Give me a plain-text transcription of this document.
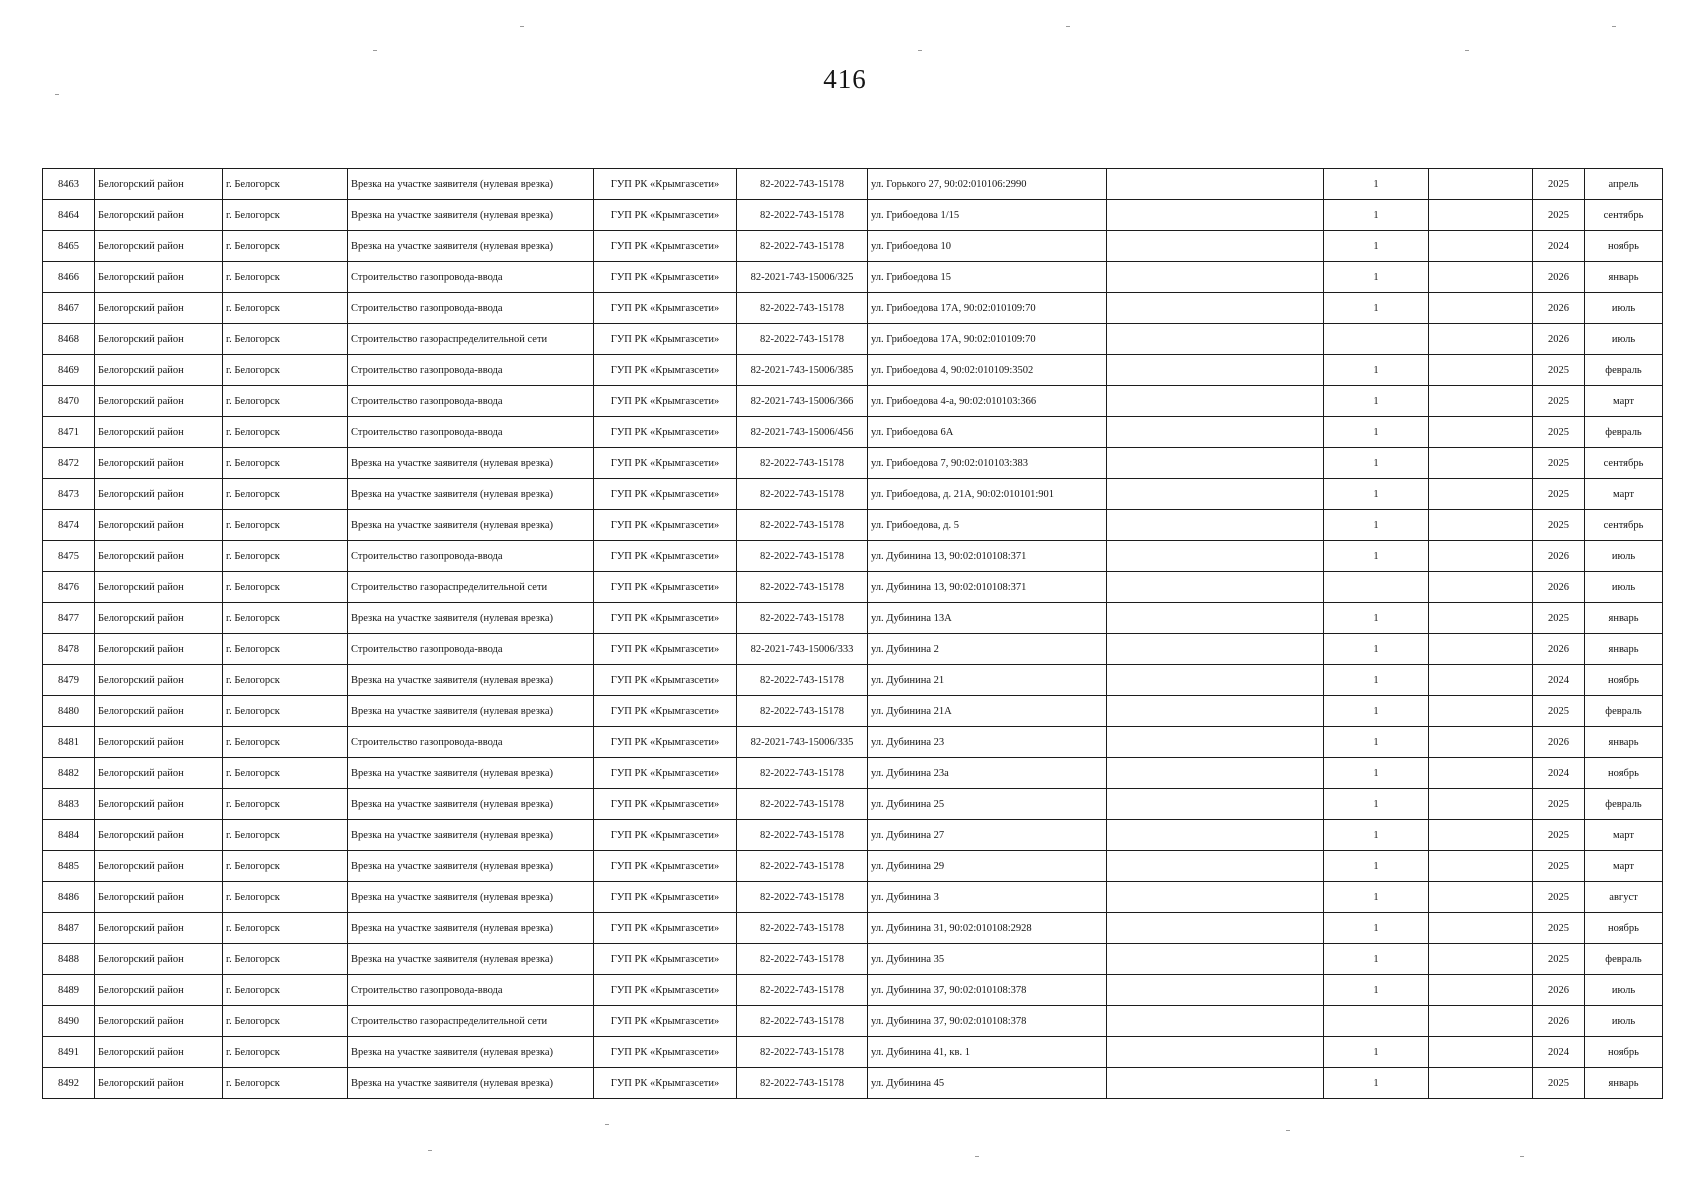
416
8463	Белогорский район	г. Белогорск	Врезка на участке заявителя (нулевая врезка)	ГУП РК «Крымгазсети»	82-2022-743-15178	ул. Горького 27, 90:02:010106:2990		1		2025	апрель
8464	Белогорский район	г. Белогорск	Врезка на участке заявителя (нулевая врезка)	ГУП РК «Крымгазсети»	82-2022-743-15178	ул. Грибоедова 1/15		1		2025	сентябрь
8465	Белогорский район	г. Белогорск	Врезка на участке заявителя (нулевая врезка)	ГУП РК «Крымгазсети»	82-2022-743-15178	ул. Грибоедова 10		1		2024	ноябрь
8466	Белогорский район	г. Белогорск	Строительство газопровода-ввода	ГУП РК «Крымгазсети»	82-2021-743-15006/325	ул. Грибоедова 15		1		2026	январь
8467	Белогорский район	г. Белогорск	Строительство газопровода-ввода	ГУП РК «Крымгазсети»	82-2022-743-15178	ул. Грибоедова 17А, 90:02:010109:70		1		2026	июль
8468	Белогорский район	г. Белогорск	Строительство газораспределительной сети	ГУП РК «Крымгазсети»	82-2022-743-15178	ул. Грибоедова 17А, 90:02:010109:70				2026	июль
8469	Белогорский район	г. Белогорск	Строительство газопровода-ввода	ГУП РК «Крымгазсети»	82-2021-743-15006/385	ул. Грибоедова 4, 90:02:010109:3502		1		2025	февраль
8470	Белогорский район	г. Белогорск	Строительство газопровода-ввода	ГУП РК «Крымгазсети»	82-2021-743-15006/366	ул. Грибоедова 4-а, 90:02:010103:366		1		2025	март
8471	Белогорский район	г. Белогорск	Строительство газопровода-ввода	ГУП РК «Крымгазсети»	82-2021-743-15006/456	ул. Грибоедова 6А		1		2025	февраль
8472	Белогорский район	г. Белогорск	Врезка на участке заявителя (нулевая врезка)	ГУП РК «Крымгазсети»	82-2022-743-15178	ул. Грибоедова 7, 90:02:010103:383		1		2025	сентябрь
8473	Белогорский район	г. Белогорск	Врезка на участке заявителя (нулевая врезка)	ГУП РК «Крымгазсети»	82-2022-743-15178	ул. Грибоедова, д. 21А, 90:02:010101:901		1		2025	март
8474	Белогорский район	г. Белогорск	Врезка на участке заявителя (нулевая врезка)	ГУП РК «Крымгазсети»	82-2022-743-15178	ул. Грибоедова, д. 5		1		2025	сентябрь
8475	Белогорский район	г. Белогорск	Строительство газопровода-ввода	ГУП РК «Крымгазсети»	82-2022-743-15178	ул. Дубинина 13, 90:02:010108:371		1		2026	июль
8476	Белогорский район	г. Белогорск	Строительство газораспределительной сети	ГУП РК «Крымгазсети»	82-2022-743-15178	ул. Дубинина 13, 90:02:010108:371				2026	июль
8477	Белогорский район	г. Белогорск	Врезка на участке заявителя (нулевая врезка)	ГУП РК «Крымгазсети»	82-2022-743-15178	ул. Дубинина 13А		1		2025	январь
8478	Белогорский район	г. Белогорск	Строительство газопровода-ввода	ГУП РК «Крымгазсети»	82-2021-743-15006/333	ул. Дубинина 2		1		2026	январь
8479	Белогорский район	г. Белогорск	Врезка на участке заявителя (нулевая врезка)	ГУП РК «Крымгазсети»	82-2022-743-15178	ул. Дубинина 21		1		2024	ноябрь
8480	Белогорский район	г. Белогорск	Врезка на участке заявителя (нулевая врезка)	ГУП РК «Крымгазсети»	82-2022-743-15178	ул. Дубинина 21А		1		2025	февраль
8481	Белогорский район	г. Белогорск	Строительство газопровода-ввода	ГУП РК «Крымгазсети»	82-2021-743-15006/335	ул. Дубинина 23		1		2026	январь
8482	Белогорский район	г. Белогорск	Врезка на участке заявителя (нулевая врезка)	ГУП РК «Крымгазсети»	82-2022-743-15178	ул. Дубинина 23а		1		2024	ноябрь
8483	Белогорский район	г. Белогорск	Врезка на участке заявителя (нулевая врезка)	ГУП РК «Крымгазсети»	82-2022-743-15178	ул. Дубинина 25		1		2025	февраль
8484	Белогорский район	г. Белогорск	Врезка на участке заявителя (нулевая врезка)	ГУП РК «Крымгазсети»	82-2022-743-15178	ул. Дубинина 27		1		2025	март
8485	Белогорский район	г. Белогорск	Врезка на участке заявителя (нулевая врезка)	ГУП РК «Крымгазсети»	82-2022-743-15178	ул. Дубинина 29		1		2025	март
8486	Белогорский район	г. Белогорск	Врезка на участке заявителя (нулевая врезка)	ГУП РК «Крымгазсети»	82-2022-743-15178	ул. Дубинина 3		1		2025	август
8487	Белогорский район	г. Белогорск	Врезка на участке заявителя (нулевая врезка)	ГУП РК «Крымгазсети»	82-2022-743-15178	ул. Дубинина 31, 90:02:010108:2928		1		2025	ноябрь
8488	Белогорский район	г. Белогорск	Врезка на участке заявителя (нулевая врезка)	ГУП РК «Крымгазсети»	82-2022-743-15178	ул. Дубинина 35		1		2025	февраль
8489	Белогорский район	г. Белогорск	Строительство газопровода-ввода	ГУП РК «Крымгазсети»	82-2022-743-15178	ул. Дубинина 37, 90:02:010108:378		1		2026	июль
8490	Белогорский район	г. Белогорск	Строительство газораспределительной сети	ГУП РК «Крымгазсети»	82-2022-743-15178	ул. Дубинина 37, 90:02:010108:378				2026	июль
8491	Белогорский район	г. Белогорск	Врезка на участке заявителя (нулевая врезка)	ГУП РК «Крымгазсети»	82-2022-743-15178	ул. Дубинина 41, кв. 1		1		2024	ноябрь
8492	Белогорский район	г. Белогорск	Врезка на участке заявителя (нулевая врезка)	ГУП РК «Крымгазсети»	82-2022-743-15178	ул. Дубинина 45		1		2025	январь
